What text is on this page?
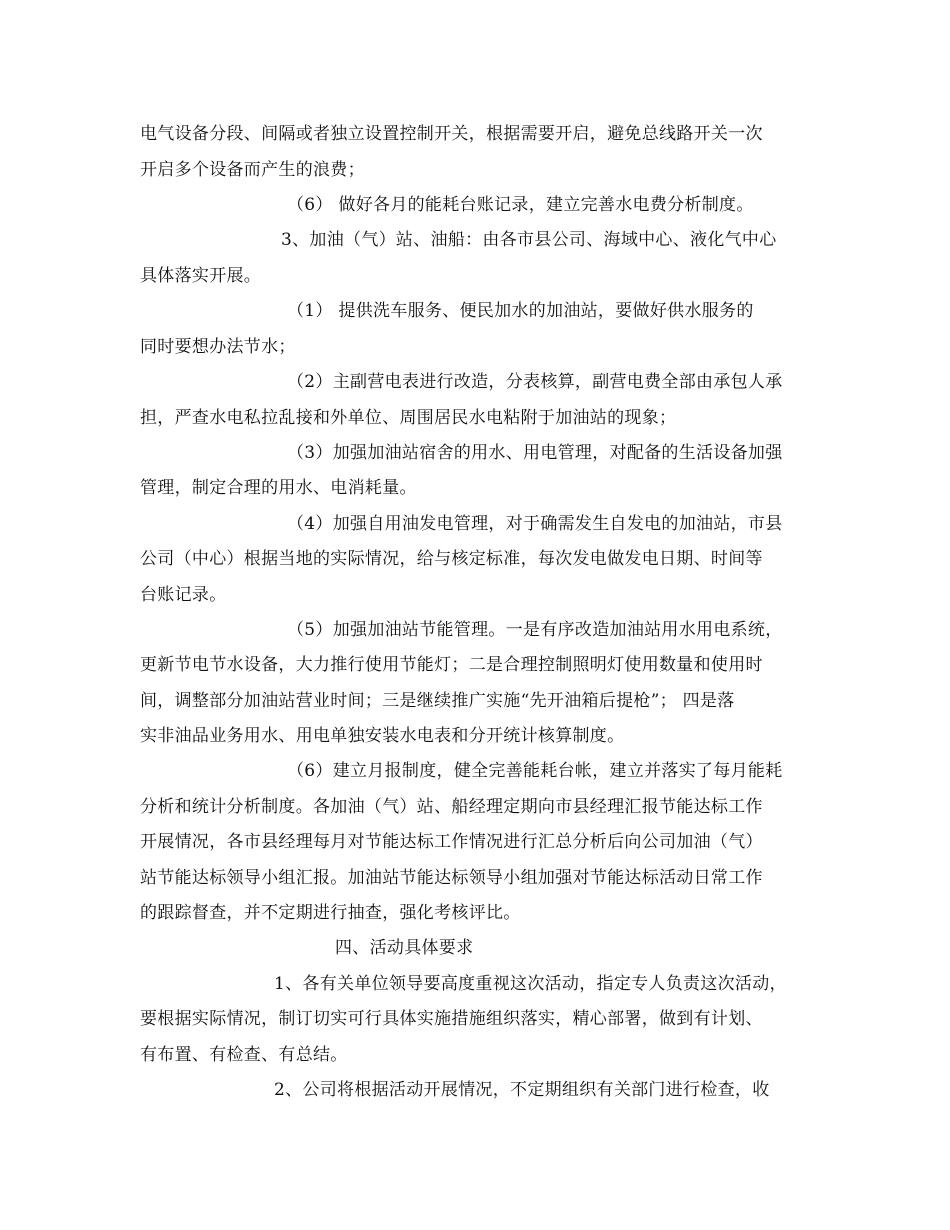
电气设备分段、间隔或者独立设置控制开关，根据需要开启，避免总线路开关一次
开启多个设备而产生的浪费；
（6） 做好各月的能耗台账记录，建立完善水电费分析制度。
3、加油（气）站、油船：由各市县公司、海域中心、液化气中心
具体落实开展。
（1） 提供洗车服务、便民加水的加油站，要做好供水服务的
同时要想办法节水；
（2）主副营电表进行改造，分表核算，副营电费全部由承包人承
担，严查水电私拉乱接和外单位、周围居民水电粘附于加油站的现象；
（3）加强加油站宿舍的用水、用电管理，对配备的生活设备加强
管理，制定合理的用水、电消耗量。
（4）加强自用油发电管理，对于确需发生自发电的加油站，市县
公司（中心）根据当地的实际情况，给与核定标准，每次发电做发电日期、时间等
台账记录。
（5）加强加油站节能管理。一是有序改造加油站用水用电系统，
更新节电节水设备，大力推行使用节能灯；二是合理控制照明灯使用数量和使用时
间，调整部分加油站营业时间；三是继续推广实施“先开油箱后提枪”； 四是落
实非油品业务用水、用电单独安装水电表和分开统计核算制度。
（6）建立月报制度，健全完善能耗台帐，建立并落实了每月能耗
分析和统计分析制度。各加油（气）站、船经理定期向市县经理汇报节能达标工作
开展情况，各市县经理每月对节能达标工作情况进行汇总分析后向公司加油（气）
站节能达标领导小组汇报。加油站节能达标领导小组加强对节能达标活动日常工作
的跟踪督查，并不定期进行抽查，强化考核评比。
四、活动具体要求
1、各有关单位领导要高度重视这次活动，指定专人负责这次活动，
要根据实际情况，制订切实可行具体实施措施组织落实，精心部署，做到有计划、
有布置、有检查、有总结。
2、公司将根据活动开展情况，不定期组织有关部门进行检查，收
